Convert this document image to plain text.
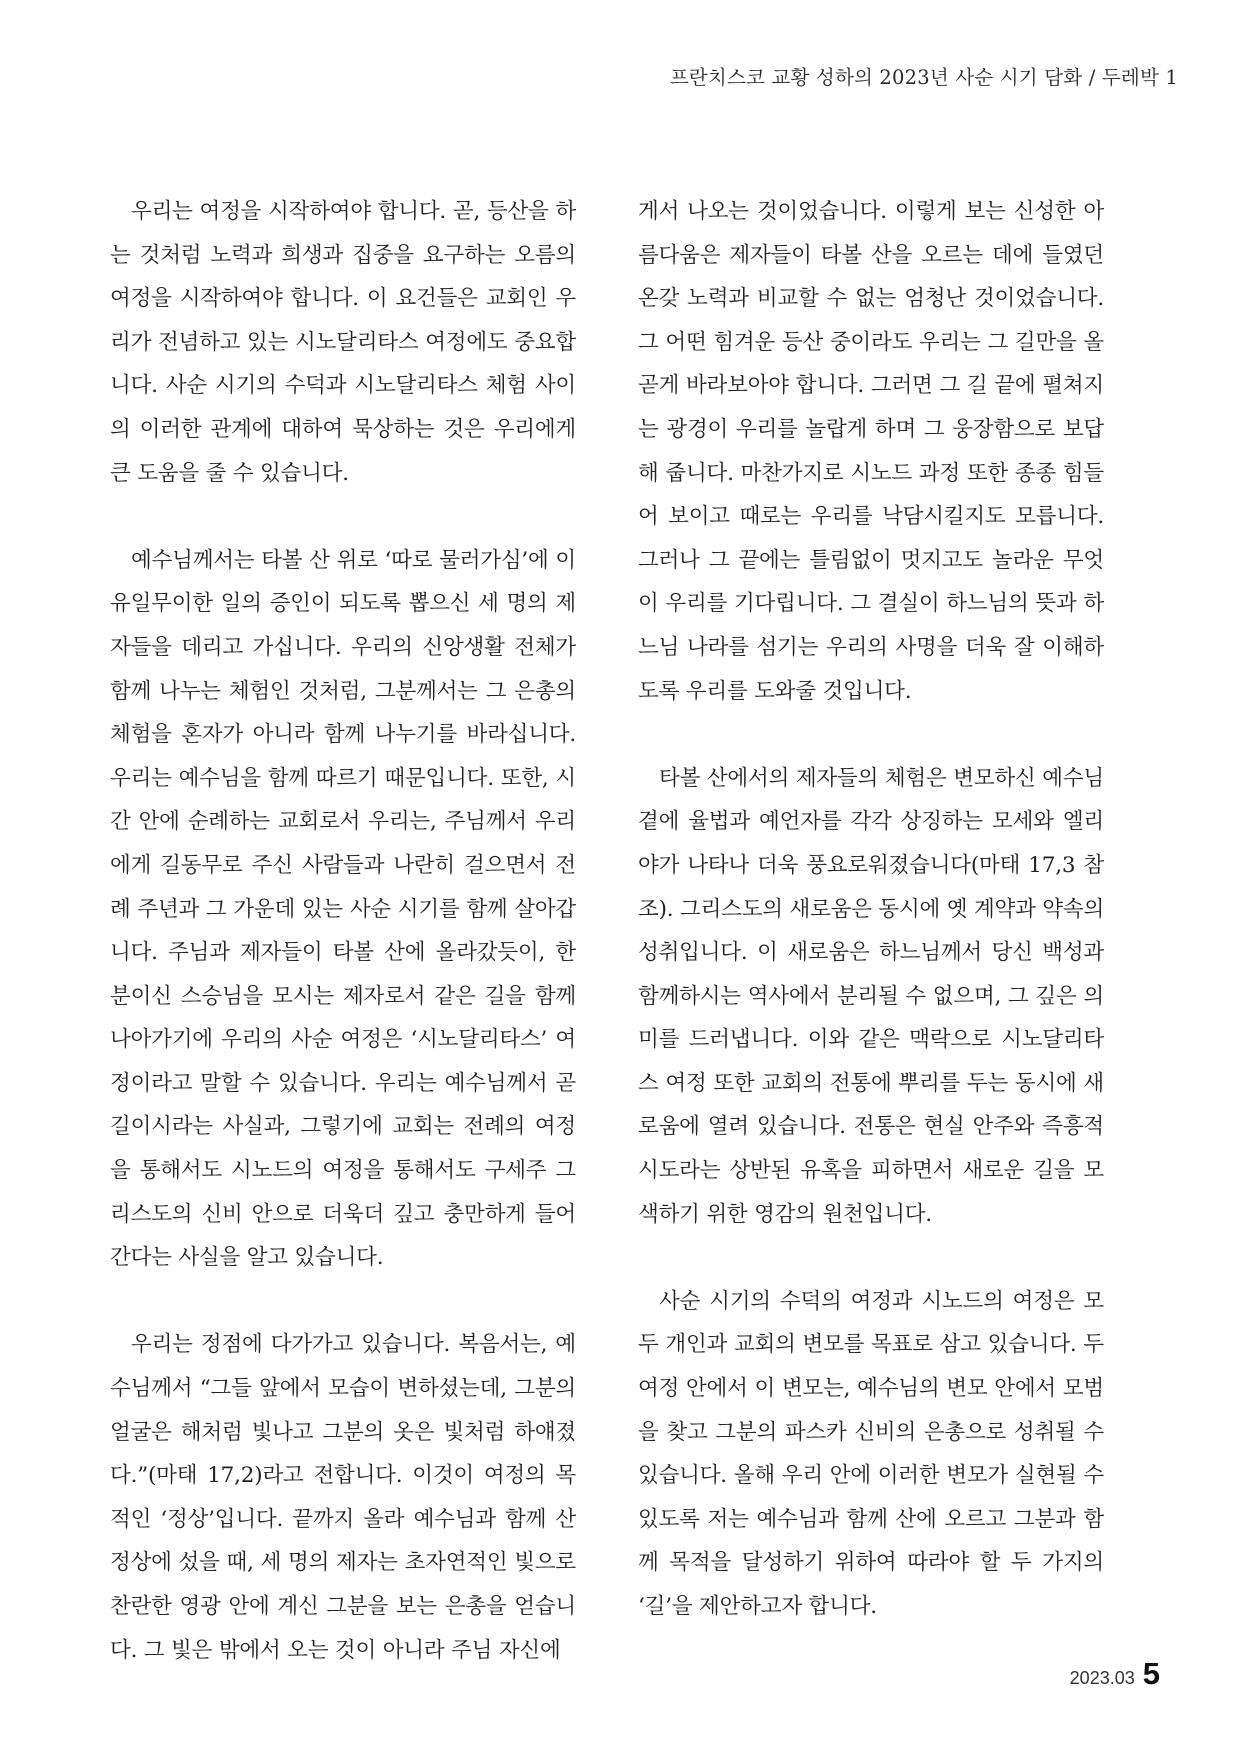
프란치스코 교황 성하의 2023년 사순 시기 담화 / 두레박 1

우리는 여정을 시작하여야 합니다. 곧, 등산을 하는 것처럼 노력과 희생과 집중을 요구하는 오름의 여정을 시작하여야 합니다. 이 요건들은 교회인 우리가 전념하고 있는 시노달리타스 여정에도 중요합니다. 사순 시기의 수덕과 시노달리타스 체험 사이의 이러한 관계에 대하여 묵상하는 것은 우리에게 큰 도움을 줄 수 있습니다.

예수님께서는 타볼 산 위로 ‘따로 물러가심’에 이 유일무이한 일의 증인이 되도록 뽑으신 세 명의 제자들을 데리고 가십니다. 우리의 신앙생활 전체가 함께 나누는 체험인 것처럼, 그분께서는 그 은총의 체험을 혼자가 아니라 함께 나누기를 바라십니다. 우리는 예수님을 함께 따르기 때문입니다. 또한, 시간 안에 순례하는 교회로서 우리는, 주님께서 우리에게 길동무로 주신 사람들과 나란히 걸으면서 전례 주년과 그 가운데 있는 사순 시기를 함께 살아갑니다. 주님과 제자들이 타볼 산에 올라갔듯이, 한 분이신 스승님을 모시는 제자로서 같은 길을 함께 나아가기에 우리의 사순 여정은 ‘시노달리타스’ 여정이라고 말할 수 있습니다. 우리는 예수님께서 곧 길이시라는 사실과, 그렇기에 교회는 전례의 여정을 통해서도 시노드의 여정을 통해서도 구세주 그리스도의 신비 안으로 더욱더 깊고 충만하게 들어간다는 사실을 알고 있습니다.

우리는 정점에 다가가고 있습니다. 복음서는, 예수님께서 “그들 앞에서 모습이 변하셨는데, 그분의 얼굴은 해처럼 빛나고 그분의 옷은 빛처럼 하얘졌다.”(마태 17,2)라고 전합니다. 이것이 여정의 목적인 ‘정상’입니다. 끝까지 올라 예수님과 함께 산 정상에 섰을 때, 세 명의 제자는 초자연적인 빛으로 찬란한 영광 안에 계신 그분을 보는 은총을 얻습니다. 그 빛은 밖에서 오는 것이 아니라 주님 자신에

게서 나오는 것이었습니다. 이렇게 보는 신성한 아름다움은 제자들이 타볼 산을 오르는 데에 들였던 온갖 노력과 비교할 수 없는 엄청난 것이었습니다. 그 어떤 힘겨운 등산 중이라도 우리는 그 길만을 올곧게 바라보아야 합니다. 그러면 그 길 끝에 펼쳐지는 광경이 우리를 놀랍게 하며 그 웅장함으로 보답해 줍니다. 마찬가지로 시노드 과정 또한 종종 힘들어 보이고 때로는 우리를 낙담시킬지도 모릅니다. 그러나 그 끝에는 틀림없이 멋지고도 놀라운 무엇이 우리를 기다립니다. 그 결실이 하느님의 뜻과 하느님 나라를 섬기는 우리의 사명을 더욱 잘 이해하도록 우리를 도와줄 것입니다.

타볼 산에서의 제자들의 체험은 변모하신 예수님 곁에 율법과 예언자를 각각 상징하는 모세와 엘리야가 나타나 더욱 풍요로워졌습니다(마태 17,3 참조). 그리스도의 새로움은 동시에 옛 계약과 약속의 성취입니다. 이 새로움은 하느님께서 당신 백성과 함께하시는 역사에서 분리될 수 없으며, 그 깊은 의미를 드러냅니다. 이와 같은 맥락으로 시노달리타스 여정 또한 교회의 전통에 뿌리를 두는 동시에 새로움에 열려 있습니다. 전통은 현실 안주와 즉흥적 시도라는 상반된 유혹을 피하면서 새로운 길을 모색하기 위한 영감의 원천입니다.

사순 시기의 수덕의 여정과 시노드의 여정은 모두 개인과 교회의 변모를 목표로 삼고 있습니다. 두 여정 안에서 이 변모는, 예수님의 변모 안에서 모범을 찾고 그분의 파스카 신비의 은총으로 성취될 수 있습니다. 올해 우리 안에 이러한 변모가 실현될 수 있도록 저는 예수님과 함께 산에 오르고 그분과 함께 목적을 달성하기 위하여 따라야 할 두 가지의 ‘길’을 제안하고자 합니다.

2023.03 5
